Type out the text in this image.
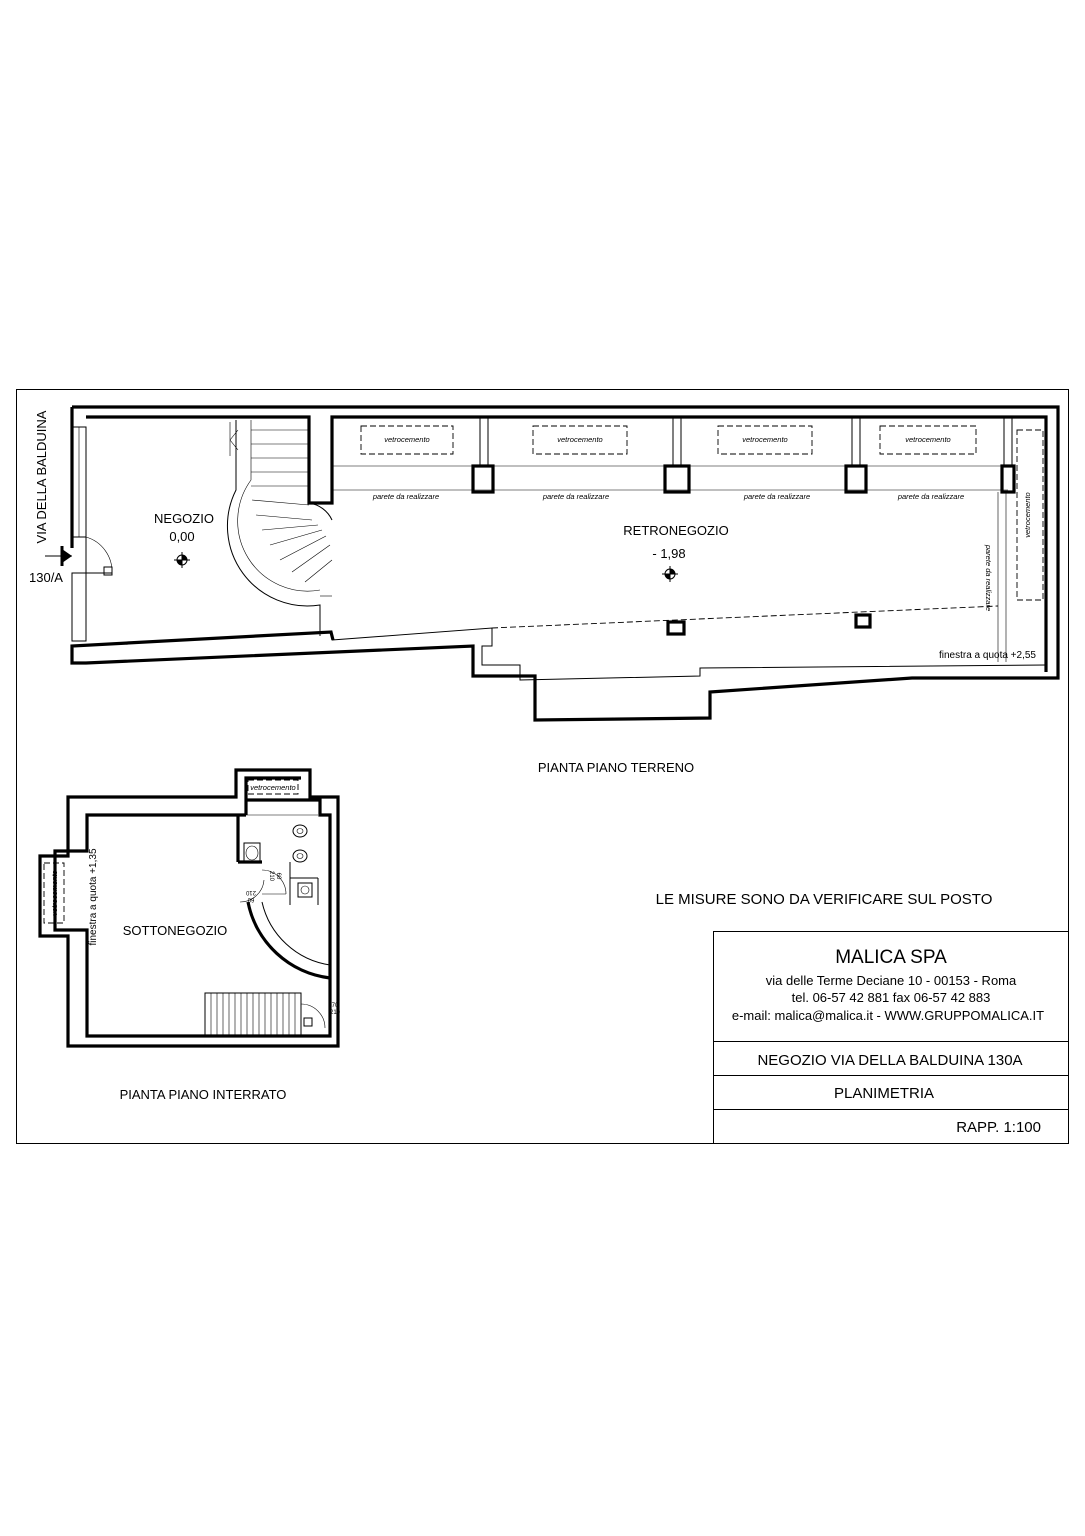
vetrocemento	vetrocemento	vetrocemento	vetrocemento
vetrocemento
parete da realizzare	parete da realizzare	parete da realizzare	parete da realizzare
parete da realizzare
VIA DELLA BALDUINA
130/A
NEGOZIO
0,00	RETRONEGOZIO
- 1,98
finestra a quota +2,55
PIANTA PIANO TERRENO
vetrocemento
vetrocemento	60
210
60
210
70
210
finestra a quota +1,35 SOTTONEGOZIO
PIANTA PIANO INTERRATO
LE MISURE SONO DA VERIFICARE SUL POSTO
MALICA SPA
via delle Terme Deciane 10 - 00153 - Roma
tel. 06-57 42 881 fax 06-57 42 883
e-mail: malica@malica.it - WWW.GRUPPOMALICA.IT
NEGOZIO VIA DELLA BALDUINA 130A
PLANIMETRIA
RAPP. 1:100
